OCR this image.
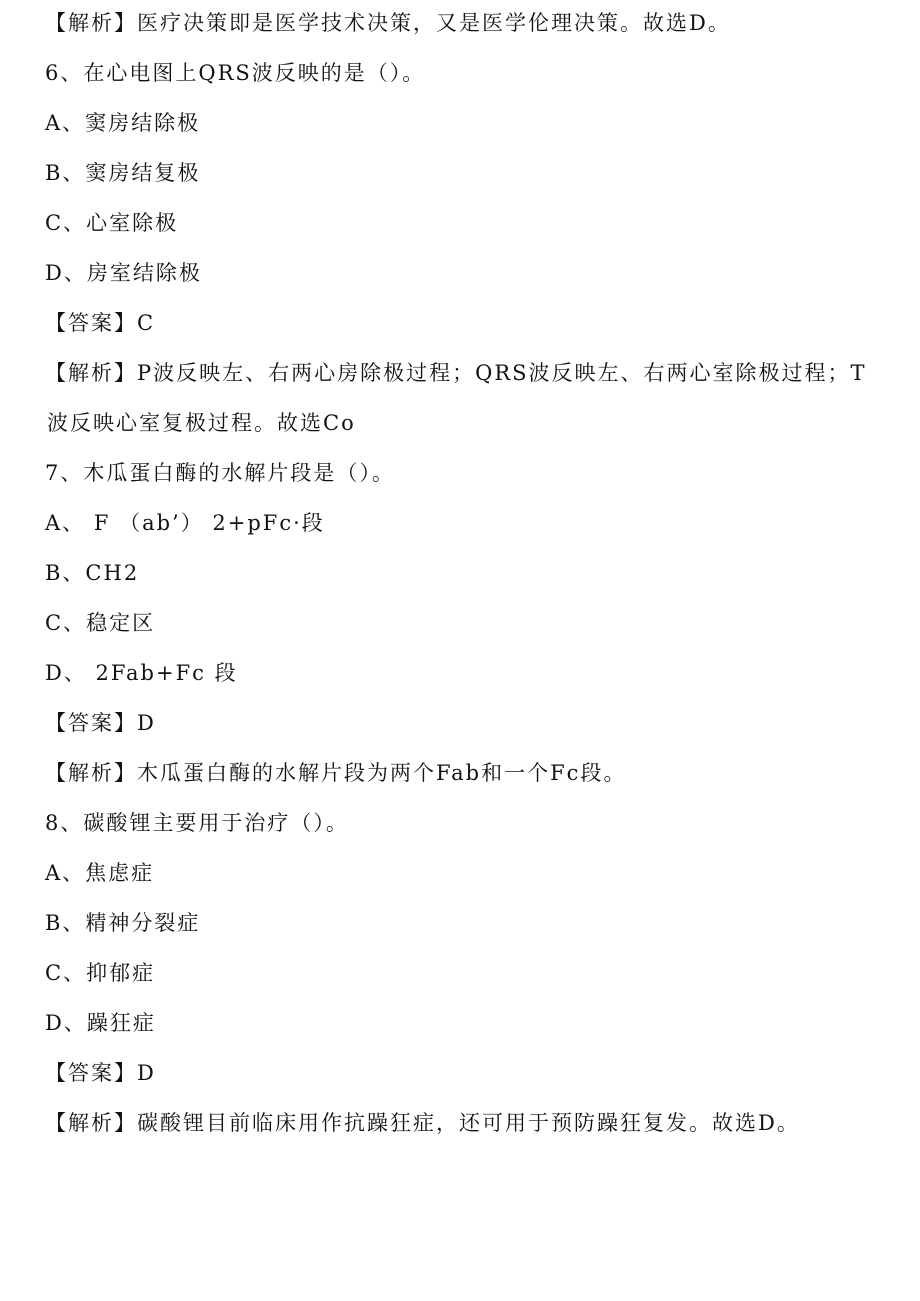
【解析】医疗决策即是医学技术决策，又是医学伦理决策。故选D。
6、在心电图上QRS波反映的是（）。
A、窦房结除极
B、窦房结复极
C、心室除极
D、房室结除极
【答案】C
【解析】P波反映左、右两心房除极过程；QRS波反映左、右两心室除极过程；T
波反映心室复极过程。故选Co
7、木瓜蛋白酶的水解片段是（）。
A、 F （ab’） 2+pFc·段
B、CH2
C、稳定区
D、 2Fab+Fc 段
【答案】D
【解析】木瓜蛋白酶的水解片段为两个Fab和一个Fc段。
8、碳酸锂主要用于治疗（）。
A、焦虑症
B、精神分裂症
C、抑郁症
D、躁狂症
【答案】D
【解析】碳酸锂目前临床用作抗躁狂症，还可用于预防躁狂复发。故选D。
